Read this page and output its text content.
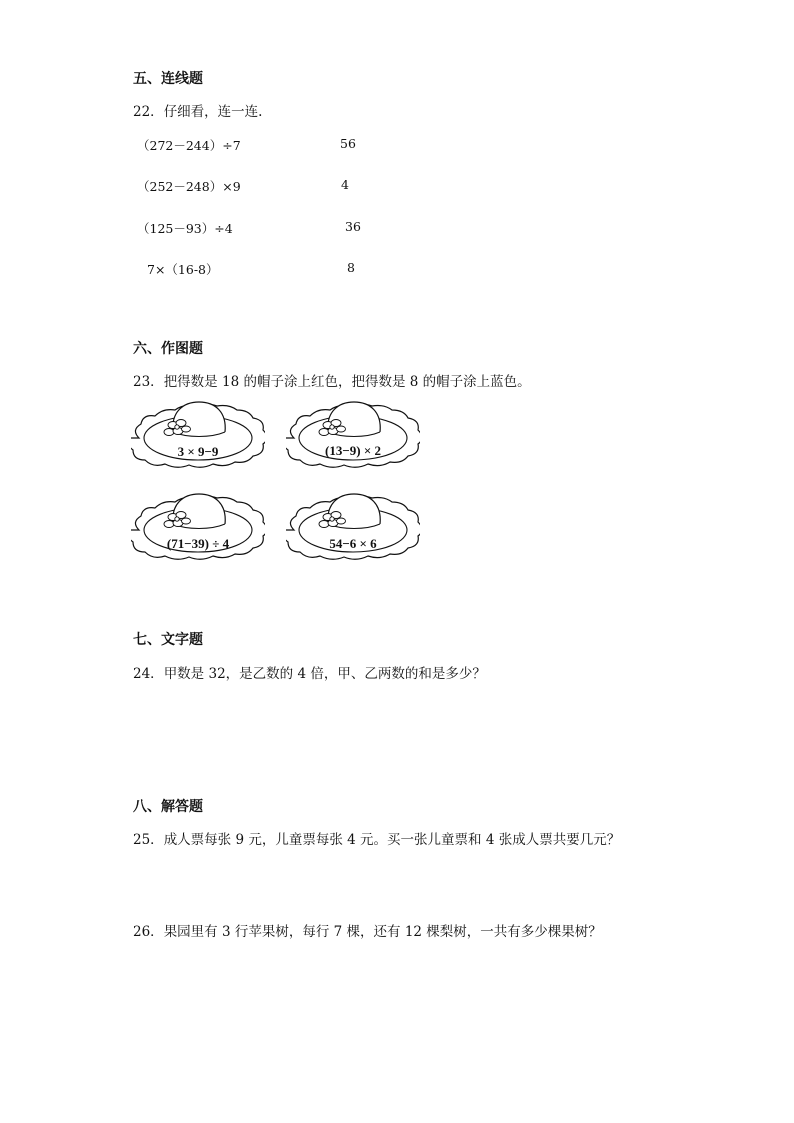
五、连线题
22．仔细看，连一连.
（272－244）÷7
（252－248）×9
（125－93）÷4
7×（16-8）
56
4
36
8
六、作图题
23．把得数是 18 的帽子涂上红色，把得数是 8 的帽子涂上蓝色。
3 × 9−9	(13−9) × 2
(71−39) ÷ 4	54−6 × 6
七、文字题
24．甲数是 32，是乙数的 4 倍，甲、乙两数的和是多少？
八、解答题
25．成人票每张 9 元，儿童票每张 4 元。买一张儿童票和 4 张成人票共要几元？
26．果园里有 3 行苹果树，每行 7 棵，还有 12 棵梨树，一共有多少棵果树？
